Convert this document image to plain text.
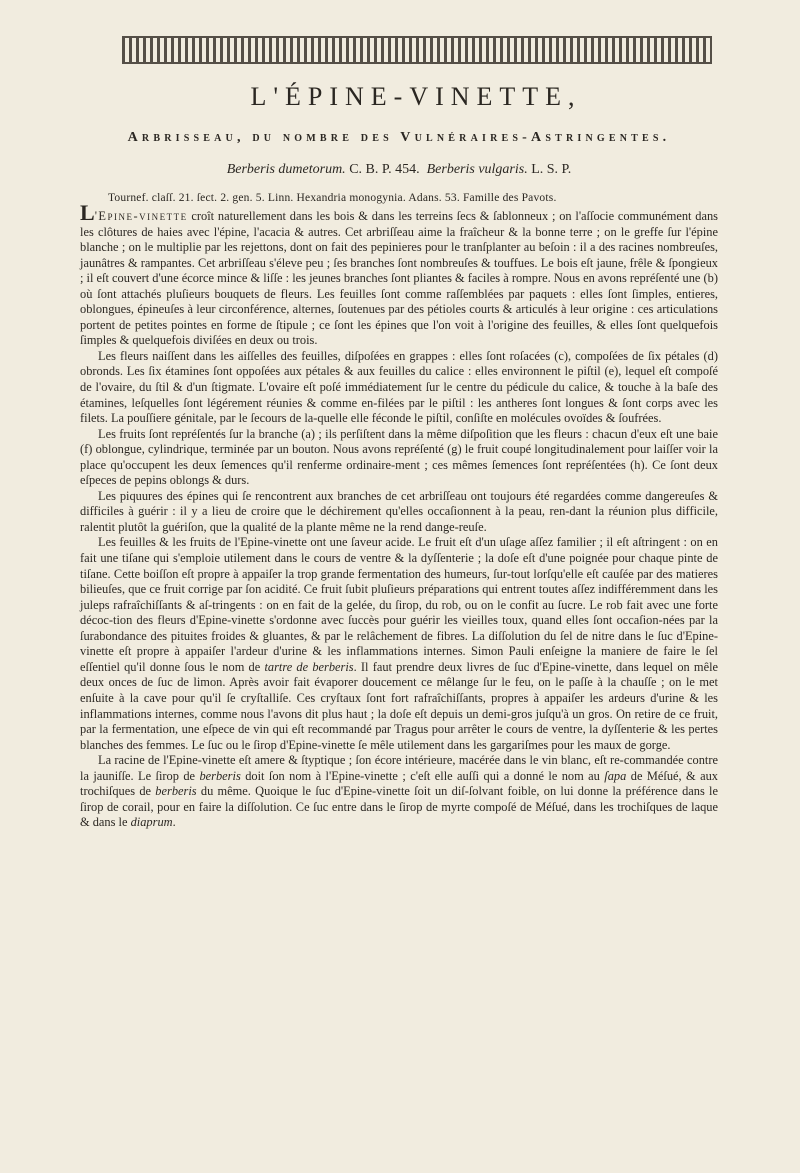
L'ÉPINE-VINETTE,
Arbrisseau, du nombre des Vulnéraires-Astringentes.
Berberis dumetorum. C. B. P. 454. Berberis vulgaris. L. S. P.
Tournef. claſſ. 21. ſect. 2. gen. 5. Linn. Hexandria monogynia. Adans. 53. Famille des Pavots.

L'Epine-vinette croît naturellement dans les bois & dans les terreins ſecs & ſablonneux ; on l'aſſocie communément dans les clôtures de haies avec l'épine, l'acacia & autres. Cet arbriſſeau aime la fraîcheur & la bonne terre ; on le greffe ſur l'épine blanche ; on le multiplie par les rejettons, dont on fait des pepinieres pour le tranſplanter au beſoin : il a des racines nombreuſes, jaunâtres & rampantes. Cet arbriſſeau s'éleve peu ; ſes branches ſont nombreuſes & touffues. Le bois eſt jaune, frêle & ſpongieux ; il eſt couvert d'une écorce mince & liſſe : les jeunes branches ſont pliantes & faciles à rompre. Nous en avons repréſenté une (b) où ſont attachés pluſieurs bouquets de fleurs. Les feuilles ſont comme raſſemblées par paquets : elles ſont ſimples, entieres, oblongues, épineuſes à leur circonférence, alternes, ſoutenues par des pétioles courts & articulés à leur origine : ces articulations portent de petites pointes en forme de ſtipule ; ce ſont les épines que l'on voit à l'origine des feuilles, & elles ſont quelquefois ſimples & quelquefois diviſées en deux ou trois.

Les fleurs naiſſent dans les aiſſelles des feuilles, diſpoſées en grappes : elles ſont roſacées (c), compoſées de ſix pétales (d) obronds. Les ſix étamines ſont oppoſées aux pétales & aux feuilles du calice : elles environnent le piſtil (e), lequel eſt compoſé de l'ovaire, du ſtil & d'un ſtigmate. L'ovaire eſt poſé immédiatement ſur le centre du pédicule du calice, & touche à la baſe des étamines, leſquelles ſont légérement réunies & comme en-filées par le piſtil : les antheres ſont longues & ſont corps avec les filets. La pouſſiere génitale, par le ſecours de la-quelle elle féconde le piſtil, conſiſte en molécules ovoïdes & ſoufrées.

Les fruits ſont repréſentés ſur la branche (a) ; ils perſiſtent dans la même diſpoſition que les fleurs : chacun d'eux eſt une baie (f) oblongue, cylindrique, terminée par un bouton. Nous avons repréſenté (g) le fruit coupé longitudinalement pour laiſſer voir la place qu'occupent les deux ſemences qu'il renferme ordinaire-ment ; ces mêmes ſemences ſont repréſentées (h). Ce ſont deux eſpeces de pepins oblongs & durs.

Les piquures des épines qui ſe rencontrent aux branches de cet arbriſſeau ont toujours été regardées comme dangereuſes & difficiles à guérir : il y a lieu de croire que le déchirement qu'elles occaſionnent à la peau, ren-dant la réunion plus difficile, ralentit plutôt la guériſon, que la qualité de la plante même ne la rend dange-reuſe.

Les feuilles & les fruits de l'Epine-vinette ont une ſaveur acide. Le fruit eſt d'un uſage aſſez familier ; il eſt aſtringent : on en fait une tiſane qui s'emploie utilement dans le cours de ventre & la dyſſenterie ; la doſe eſt d'une poignée pour chaque pinte de tiſane. Cette boiſſon eſt propre à appaiſer la trop grande fermentation des humeurs, ſur-tout lorſqu'elle eſt cauſée par des matieres bilieuſes, que ce fruit corrige par ſon acidité. Ce fruit ſubit pluſieurs préparations qui entrent toutes aſſez indifféremment dans les juleps rafraîchiſſants & aſ-tringents : on en fait de la gelée, du ſirop, du rob, ou on le confit au ſucre. Le rob fait avec une forte décoc-tion des fleurs d'Epine-vinette s'ordonne avec ſuccès pour guérir les vieilles toux, quand elles ſont occaſion-nées par la ſurabondance des pituites froides & gluantes, & par le relâchement de fibres. La diſſolution du ſel de nitre dans le ſuc d'Epine-vinette eſt propre à appaiſer l'ardeur d'urine & les inflammations internes. Simon Pauli enſeigne la maniere de faire le ſel eſſentiel qu'il donne ſous le nom de tartre de berberis. Il faut prendre deux livres de ſuc d'Epine-vinette, dans lequel on mêle deux onces de ſuc de limon. Après avoir fait évaporer doucement ce mêlange ſur le feu, on le paſſe à la chauſſe ; on le met enſuite à la cave pour qu'il ſe cryſtalliſe. Ces cryſtaux ſont fort rafraîchiſſants, propres à appaiſer les ardeurs d'urine & les inflammations internes, comme nous l'avons dit plus haut ; la doſe eſt depuis un demi-gros juſqu'à un gros. On retire de ce fruit, par la fermentation, une eſpece de vin qui eſt recommandé par Tragus pour arrêter le cours de ventre, la dyſſenterie & les pertes blanches des femmes. Le ſuc ou le ſirop d'Epine-vinette ſe mêle utilement dans les gargariſmes pour les maux de gorge.

La racine de l'Epine-vinette eſt amere & ſtyptique ; ſon écore intérieure, macérée dans le vin blanc, eſt re-commandée contre la jauniſſe. Le ſirop de berberis doit ſon nom à l'Epine-vinette ; c'eſt elle auſſi qui a donné le nom au ſapa de Méſué, & aux trochiſques de berberis du même. Quoique le ſuc d'Epine-vinette ſoit un diſ-ſolvant foible, on lui donne la préférence dans le ſirop de corail, pour en faire la diſſolution. Ce ſuc entre dans le ſirop de myrte compoſé de Méſué, dans les trochiſques de laque & dans le diaprum.
